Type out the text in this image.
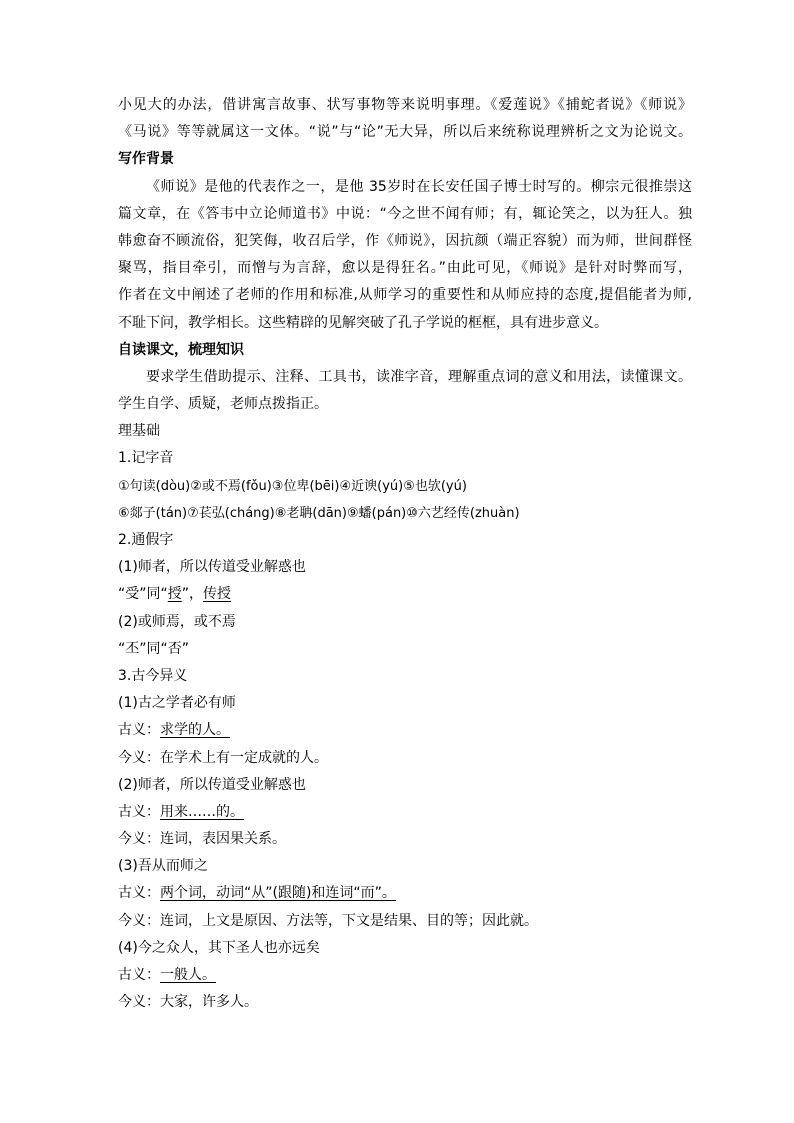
小见大的办法，借讲寓言故事、状写事物等来说明事理。《爱莲说》《捕蛇者说》《师说》
《马说》等等就属这一文体。“说”与“论”无大异，所以后来统称说理辨析之文为论说文。
写作背景
《师说》是他的代表作之一，是他 35岁时在长安任国子博士时写的。柳宗元很推崇这
篇文章，在《答韦中立论师道书》中说：“今之世不闻有师；有，辄论笑之，以为狂人。独
韩愈奋不顾流俗，犯笑侮，收召后学，作《师说》，因抗颜（端正容貌）而为师，世间群怪
聚骂，指目牵引，而憎与为言辞，愈以是得狂名。”由此可见，《师说》是针对时弊而写，
作者在文中阐述了老师的作用和标准,从师学习的重要性和从师应持的态度,提倡能者为师,
不耻下问，教学相长。这些精辟的见解突破了孔子学说的框框，具有进步意义。
自读课文，梳理知识
要求学生借助提示、注释、工具书，读准字音，理解重点词的意义和用法，读懂课文。
学生自学、质疑，老师点拨指正。
理基础
1.记字音
①句读(dòu)②或不焉(fǒu)③位卑(bēi)④近谀(yú)⑤也欤(yú)
⑥郯子(tán)⑦苌弘(cháng)⑧老聃(dān)⑨蟠(pán)⑩六艺经传(zhuàn)
2.通假字
(1)师者，所以传道受业解惑也
“受”同“授”，传授
(2)或师焉，或不焉
“丕”同“否”
3.古今异义
(1)古之学者必有师
古义：求学的人。
今义：在学术上有一定成就的人。
(2)师者，所以传道受业解惑也
古义：用来……的。
今义：连词，表因果关系。
(3)吾从而师之
古义：两个词，动词“从”(跟随)和连词“而”。
今义：连词，上文是原因、方法等，下文是结果、目的等；因此就。
(4)今之众人，其下圣人也亦远矣
古义：一般人。
今义：大家，许多人。
